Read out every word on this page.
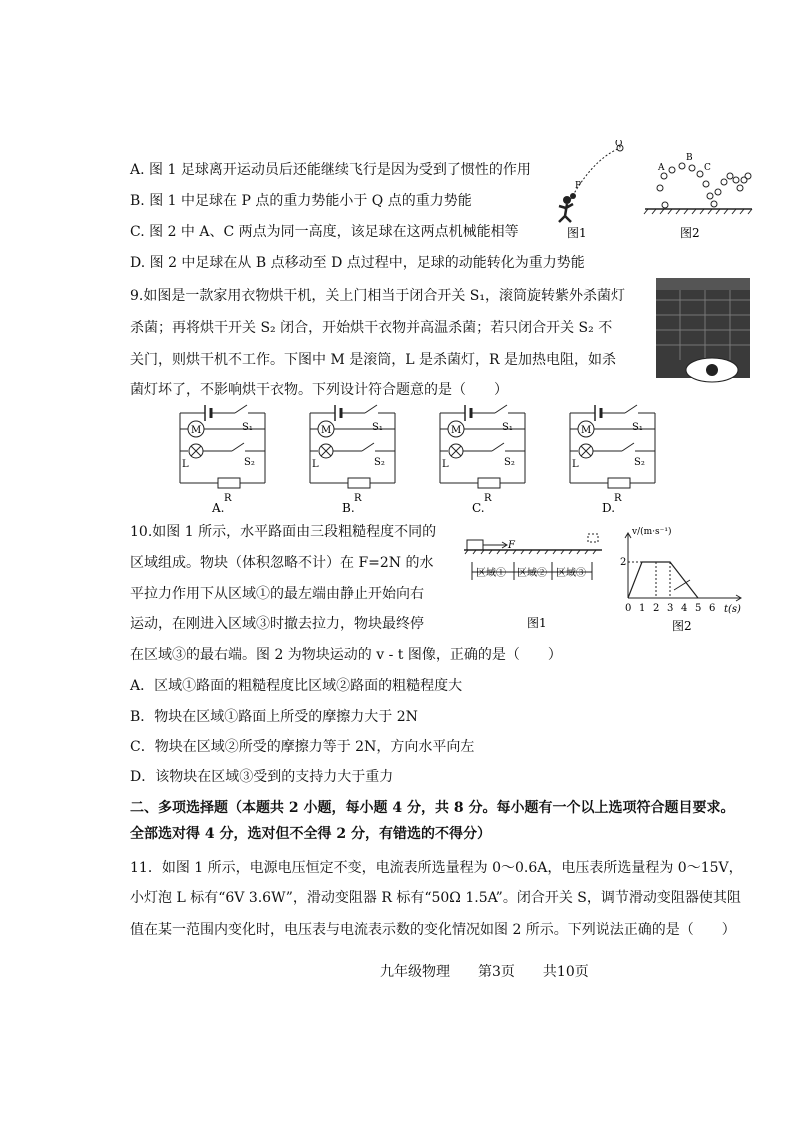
A. 图 1 足球离开运动员后还能继续飞行是因为受到了惯性的作用
B. 图 1 中足球在 P 点的重力势能小于 Q 点的重力势能
C. 图 2 中 A、C 两点为同一高度，该足球在这两点机械能相等
D. 图 2 中足球在从 B 点移动至 D 点过程中，足球的动能转化为重力势能
Q
P
图1
B
A	C
图2
9.如图是一款家用衣物烘干机，关上门相当于闭合开关 S₁，滚筒旋转紫外杀菌灯
杀菌；再将烘干开关 S₂ 闭合，开始烘干衣物并高温杀菌；若只闭合开关 S₂ 不
关门，则烘干机不工作。下图中 M 是滚筒，L 是杀菌灯，R 是加热电阻，如杀
菌灯坏了，不影响烘干衣物。下列设计符合题意的是（　　）
S₁
M
L	S₂
R
A.
S₁
M
L	S₂
R
B.
S₁
M
L	S₂
R
C.
S₁
M
L	S₂
R
D.
10.如图 1 所示，水平路面由三段粗糙程度不同的
区域组成。物块（体积忽略不计）在 F=2N 的水
平拉力作用下从区域①的最左端由静止开始向右
运动，在刚进入区域③时撤去拉力，物块最终停
在区域③的最右端。图 2 为物块运动的 v - t 图像，正确的是（　　）
A．区域①路面的粗糙程度比区域②路面的粗糙程度大
B．物块在区域①路面上所受的摩擦力大于 2N
C．物块在区域②所受的摩擦力等于 2N，方向水平向左
D．该物块在区域③受到的支持力大于重力
F
区域① 区域② 区域③
图1
v/(m·s⁻¹)
t(s)
2
0 1 2 3 4 5 6
图2
二、多项选择题（本题共 2 小题，每小题 4 分，共 8 分。每小题有一个以上选项符合题目要求。
全部选对得 4 分，选对但不全得 2 分，有错选的不得分）
11．如图 1 所示，电源电压恒定不变，电流表所选量程为 0～0.6A，电压表所选量程为 0～15V，
小灯泡 L 标有“6V 3.6W”，滑动变阻器 R 标有“50Ω 1.5A”。闭合开关 S，调节滑动变阻器使其阻
值在某一范围内变化时，电压表与电流表示数的变化情况如图 2 所示。下列说法正确的是（　　）
九年级物理　　第3页　　共10页
